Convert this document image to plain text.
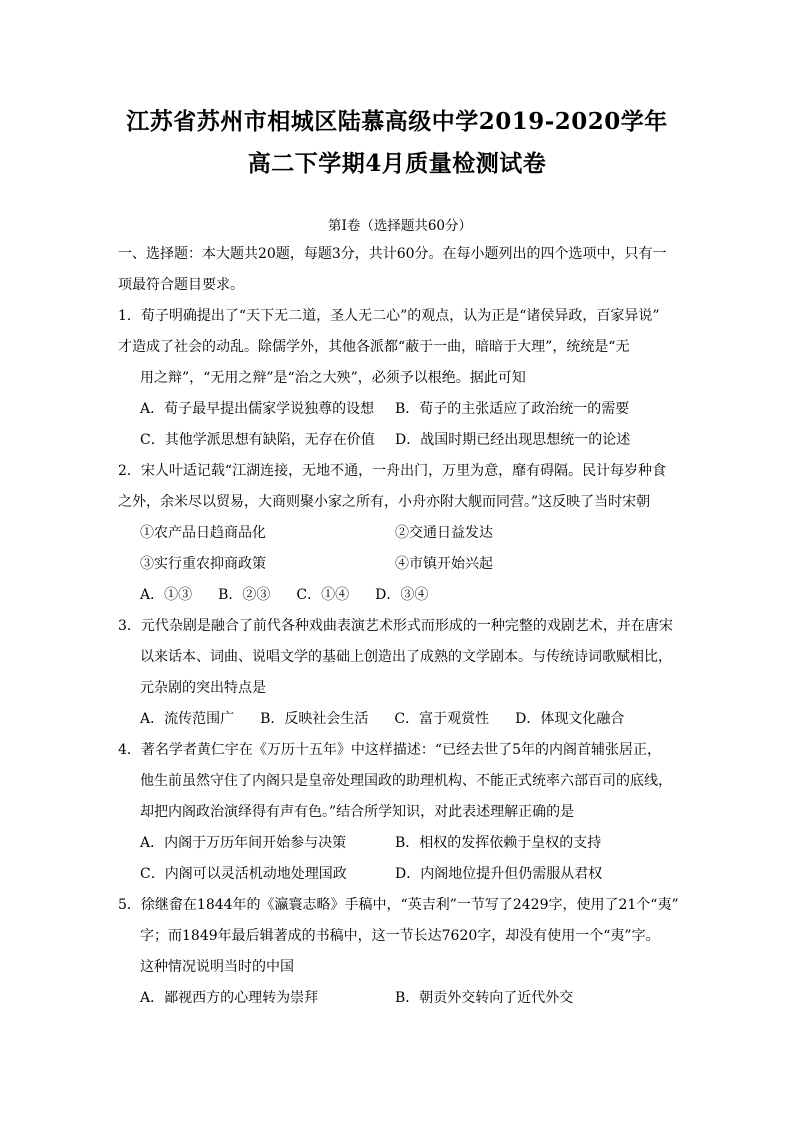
江苏省苏州市相城区陆慕高级中学2019-2020学年
高二下学期4月质量检测试卷
第Ⅰ卷（选择题共60分）
一、选择题：本大题共20题，每题3分，共计60分。在每小题列出的四个选项中，只有一
项最符合题目要求。
1．荀子明确提出了“天下无二道，圣人无二心”的观点，认为正是“诸侯异政，百家异说”
才造成了社会的动乱。除儒学外，其他各派都“蔽于一曲，暗暗于大理”，统统是“无
用之辩”，“无用之辩”是“治之大殃”，必须予以根绝。据此可知
A．荀子最早提出儒家学说独尊的设想	B．荀子的主张适应了政治统一的需要
C．其他学派思想有缺陷，无存在价值	D．战国时期已经出现思想统一的论述
2．宋人叶适记载“江湖连接，无地不通，一舟出门，万里为意，靡有碍隔。民计每岁种食
之外，余米尽以贸易，大商则聚小家之所有，小舟亦附大舰而同营。”这反映了当时宋朝
①农产品日趋商品化	②交通日益发达
③实行重农抑商政策	④市镇开始兴起
A．①③ B．②③ C．①④ D．③④
3．元代杂剧是融合了前代各种戏曲表演艺术形式而形成的一种完整的戏剧艺术，并在唐宋
以来话本、词曲、说唱文学的基础上创造出了成熟的文学剧本。与传统诗词歌赋相比，
元杂剧的突出特点是
A．流传范围广 B．反映社会生活 C．富于观赏性 D．体现文化融合
4．著名学者黄仁宇在《万历十五年》中这样描述：“已经去世了5年的内阁首辅张居正，
他生前虽然守住了内阁只是皇帝处理国政的助理机构、不能正式统率六部百司的底线，
却把内阁政治演绎得有声有色。”结合所学知识，对此表述理解正确的是
A．内阁于万历年间开始参与决策	B．相权的发挥依赖于皇权的支持
C．内阁可以灵活机动地处理国政	D．内阁地位提升但仍需服从君权
5．徐继畲在1844年的《瀛寰志略》手稿中，“英吉利”一节写了2429字，使用了21个“夷”
字；而1849年最后辑著成的书稿中，这一节长达7620字，却没有使用一个“夷”字。
这种情况说明当时的中国
A．鄙视西方的心理转为崇拜	B．朝贡外交转向了近代外交
